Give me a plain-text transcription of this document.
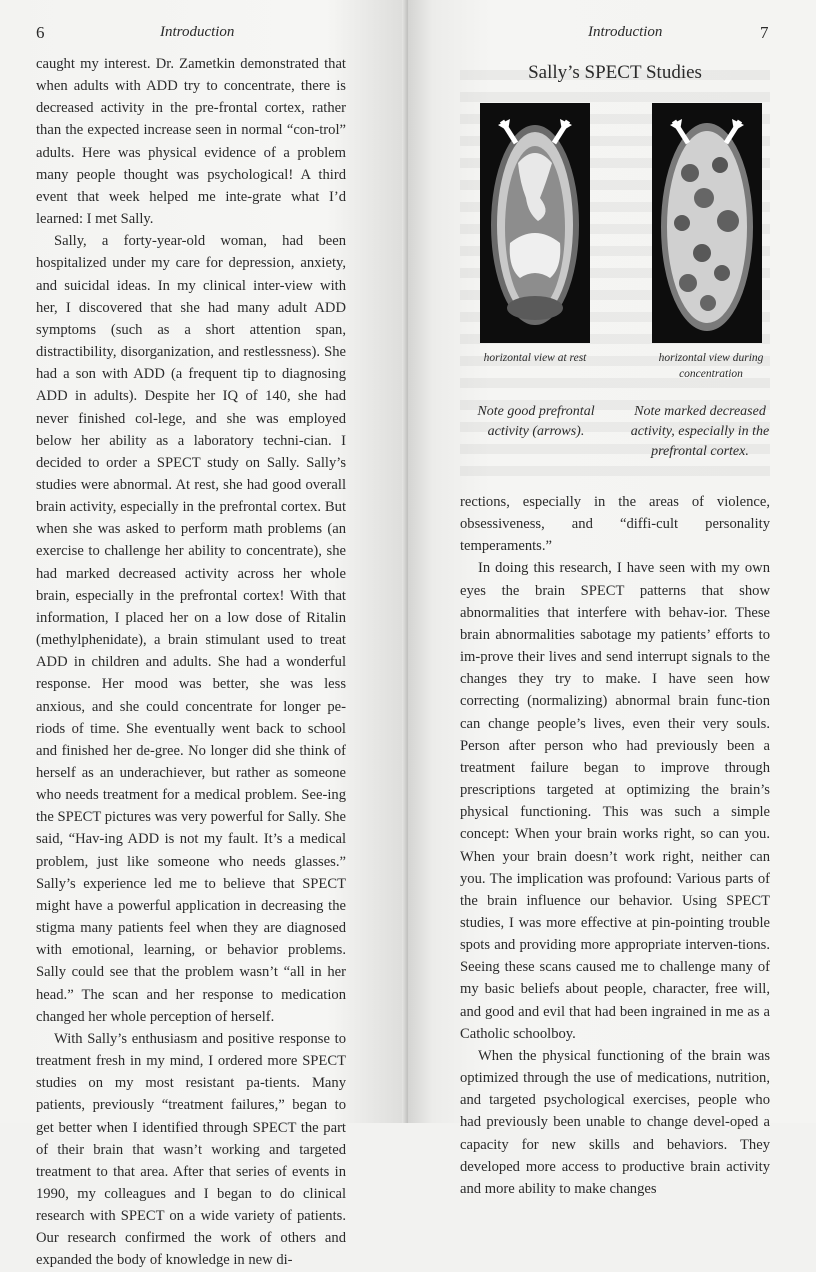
6	Introduction

caught my interest. Dr. Zametkin demonstrated that when adults with ADD try to concentrate, there is decreased activity in the pre-frontal cortex, rather than the expected increase seen in normal “con-trol” adults. Here was physical evidence of a problem many people thought was psychological! A third event that week helped me inte-grate what I’d learned: I met Sally.

Sally, a forty-year-old woman, had been hospitalized under my care for depression, anxiety, and suicidal ideas. In my clinical inter-view with her, I discovered that she had many adult ADD symptoms (such as a short attention span, distractibility, disorganization, and restlessness). She had a son with ADD (a frequent tip to diagnosing ADD in adults). Despite her IQ of 140, she had never finished col-lege, and she was employed below her ability as a laboratory techni-cian. I decided to order a SPECT study on Sally. Sally’s studies were abnormal. At rest, she had good overall brain activity, especially in the prefrontal cortex. But when she was asked to perform math problems (an exercise to challenge her ability to concentrate), she had marked decreased activity across her whole brain, especially in the prefrontal cortex! With that information, I placed her on a low dose of Ritalin (methylphenidate), a brain stimulant used to treat ADD in children and adults. She had a wonderful response. Her mood was better, she was less anxious, and she could concentrate for longer pe-riods of time. She eventually went back to school and finished her de-gree. No longer did she think of herself as an underachiever, but rather as someone who needs treatment for a medical problem. See-ing the SPECT pictures was very powerful for Sally. She said, “Hav-ing ADD is not my fault. It’s a medical problem, just like someone who needs glasses.” Sally’s experience led me to believe that SPECT might have a powerful application in decreasing the stigma many patients feel when they are diagnosed with emotional, learning, or behavior problems. Sally could see that the problem wasn’t “all in her head.” The scan and her response to medication changed her whole perception of herself.

With Sally’s enthusiasm and positive response to treatment fresh in my mind, I ordered more SPECT studies on my most resistant pa-tients. Many patients, previously “treatment failures,” began to get better when I identified through SPECT the part of their brain that wasn’t working and targeted treatment to that area. After that series of events in 1990, my colleagues and I began to do clinical research with SPECT on a wide variety of patients. Our research confirmed the work of others and expanded the body of knowledge in new di-

Introduction	7
Sally’s SPECT Studies
horizontal view at rest	horizontal view during concentration
Note good prefrontal activity (arrows).
Note marked decreased activity, especially in the prefrontal cortex.

rections, especially in the areas of violence, obsessiveness, and “diffi-cult personality temperaments.”

In doing this research, I have seen with my own eyes the brain SPECT patterns that show abnormalities that interfere with behav-ior. These brain abnormalities sabotage my patients’ efforts to im-prove their lives and send interrupt signals to the changes they try to make. I have seen how correcting (normalizing) abnormal brain func-tion can change people’s lives, even their very souls. Person after person who had previously been a treatment failure began to improve through prescriptions targeted at optimizing the brain’s physical functioning. This was such a simple concept: When your brain works right, so can you. When your brain doesn’t work right, neither can you. The implication was profound: Various parts of the brain influence our behavior. Using SPECT studies, I was more effective at pin-pointing trouble spots and providing more appropriate interven-tions. Seeing these scans caused me to challenge many of my basic beliefs about people, character, free will, and good and evil that had been ingrained in me as a Catholic schoolboy.

When the physical functioning of the brain was optimized through the use of medications, nutrition, and targeted psychological exercises, people who had previously been unable to change devel-oped a capacity for new skills and behaviors. They developed more access to productive brain activity and more ability to make changes
